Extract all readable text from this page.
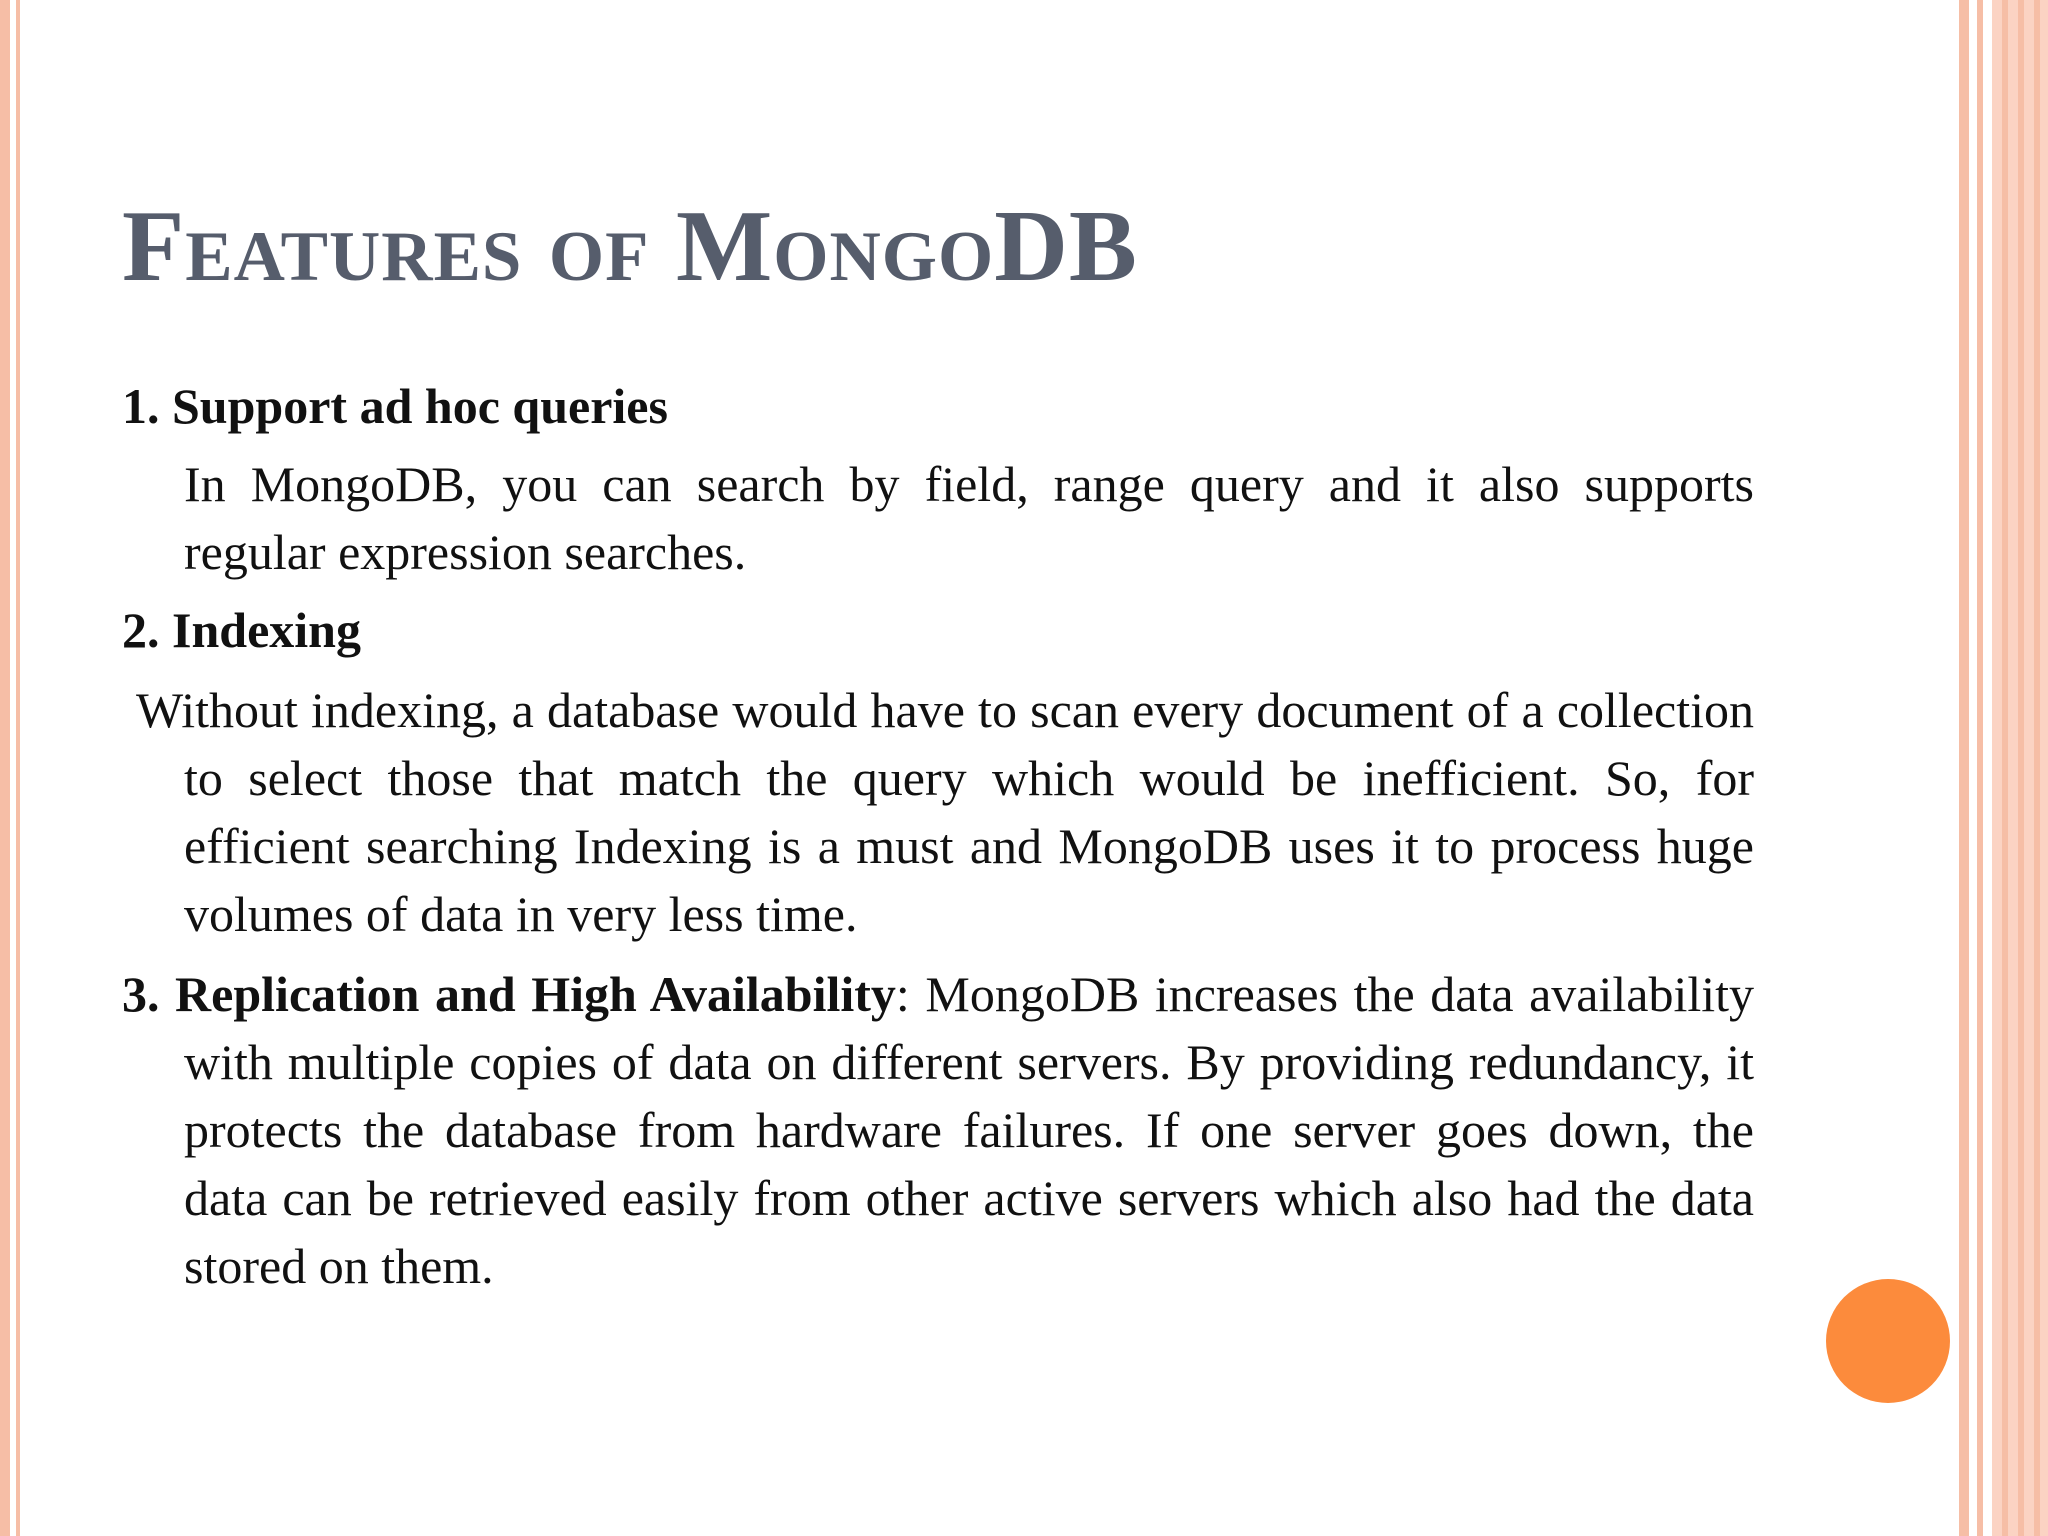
Features of MongoDB

1. Support ad hoc queries

In MongoDB, you can search by field, range query and it also supports regular expression searches.

2. Indexing

Without indexing, a database would have to scan every document of a collection to select those that match the query which would be inefficient. So, for efficient searching Indexing is a must and MongoDB uses it to process huge volumes of data in very less time.

3. Replication and High Availability: MongoDB increases the data availability with multiple copies of data on different servers. By providing redundancy, it protects the database from hardware failures. If one server goes down, the data can be retrieved easily from other active servers which also had the data stored on them.
